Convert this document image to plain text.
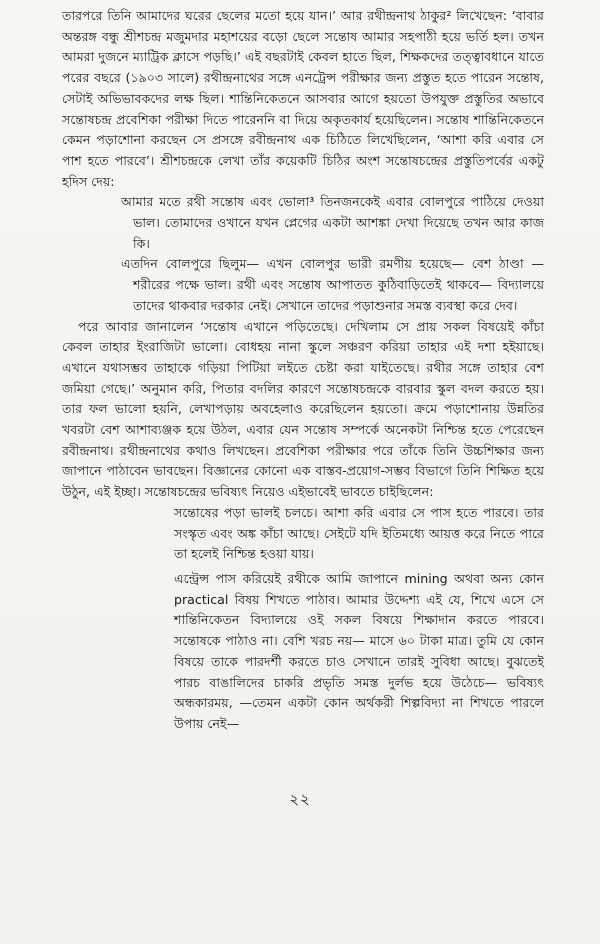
তারপরে তিনি আমাদের ঘরের ছেলের মতো হয়ে যান।’ আর রথীন্দ্রনাথ ঠাকুর² লিখেছেন: ‘বাবার অন্তরঙ্গ বন্ধু শ্রীশচন্দ্র মজুমদার মহাশয়ের বড়ো ছেলে সন্তোষ আমার সহপাঠী হয়ে ভর্তি হল। তখন আমরা দুজনে ম্যাট্রিক ক্লাসে পড়ছি।’ এই বছরটাই কেবল হাতে ছিল, শিক্ষকদের তত্ত্বাবধানে যাতে পরের বছরে (১৯০৩ সালে) রথীন্দ্রনাথের সঙ্গে এনট্রেন্স পরীক্ষার জন্য প্রস্তুত হতে পারেন সন্তোষ, সেটাই অভিভাবকদের লক্ষ ছিল। শান্তিনিকেতনে আসবার আগে হয়তো উপযুক্ত প্রস্তুতির অভাবে সন্তোষচন্দ্র প্রবেশিকা পরীক্ষা দিতে পারেননি বা দিয়ে অকৃতকার্য হয়েছিলেন। সন্তোষ শান্তিনিকেতনে কেমন পড়াশোনা করছেন সে প্রসঙ্গে রবীন্দ্রনাথ এক চিঠিতে লিখেছিলেন, ‘আশা করি এবার সে পাশ হতে পারবে’। শ্রীশচন্দ্রকে লেখা তাঁর কয়েকটি চিঠির অংশ সন্তোষচন্দ্রের প্রস্তুতিপর্বের একটু হদিস দেয়:

আমার মতে রথী সন্তোষ এবং ভোলা³ তিনজনকেই এবার বোলপুরে পাঠিয়ে দেওয়া ভাল। তোমাদের ওখানে যখন প্লেগের একটা আশঙ্কা দেখা দিয়েছে তখন আর কাজ কি।

এতদিন বোলপুরে ছিলুম— এখন বোলপুর ভারী রমণীয় হয়েছে— বেশ ঠাণ্ডা — শরীরের পক্ষে ভাল। রথী এবং সন্তোষ আপাতত কুঠিবাড়িতেই থাকবে— বিদ্যালয়ে তাদের থাকবার দরকার নেই। সেখানে তাদের পড়াশুনার সমস্ত ব্যবস্থা করে দেব।

পরে আবার জানালেন ‘সন্তোষ এখানে পড়িতেছে। দেখিলাম সে প্রায় সকল বিষয়েই কাঁচা কেবল তাহার ইংরাজিটা ভালো। বোধহয় নানা স্কুলে সঞ্চরণ করিয়া তাহার এই দশা হইয়াছে। এখানে যথাসম্ভব তাহাকে গড়িয়া পিটিয়া লইতে চেষ্টা করা যাইতেছে। রথীর সঙ্গে তাহার বেশ জমিয়া গেছে।’ অনুমান করি, পিতার বদলির কারণে সন্তোষচন্দ্রকে বারবার স্কুল বদল করতে হয়। তার ফল ভালো হয়নি, লেখাপড়ায় অবহেলাও করেছিলেন হয়তো। ক্রমে পড়াশোনায় উন্নতির খবরটা বেশ আশাব্যঞ্জক হয়ে উঠল, এবার যেন সন্তোষ সম্পর্কে অনেকটা নিশ্চিন্ত হতে পেরেছেন রবীন্দ্রনাথ। রথীন্দ্রনাথের কথাও লিখছেন। প্রবেশিকা পরীক্ষার পরে তাঁকে তিনি উচ্চশিক্ষার জন্য জাপানে পাঠাবেন ভাবছেন। বিজ্ঞানের কোনো এক বাস্তব-প্রয়োগ-সম্ভব বিভাগে তিনি শিক্ষিত হয়ে উঠুন, এই ইচ্ছা। সন্তোষচন্দ্রের ভবিষ্যৎ নিয়েও এইভাবেই ভাবতে চাইছিলেন:

সন্তোষের পড়া ভালই চলচে। আশা করি এবার সে পাস হতে পারবে। তার সংস্কৃত এবং অঙ্ক কাঁচা আছে। সেইটে যদি ইতিমধ্যে আয়ত্ত করে নিতে পারে তা হলেই নিশ্চিন্ত হওয়া যায়।

এন্ট্রেন্স পাস করিয়েই রথীকে আমি জাপানে mining অথবা অন্য কোন practical বিষয় শিখতে পাঠাব। আমার উদ্দেশ্য এই যে, শিখে এসে সে শান্তিনিকেতন বিদ্যালয়ে ওই সকল বিষয়ে শিক্ষাদান করতে পারবে। সন্তোষকে পাঠাও না। বেশি খরচ নয়— মাসে ৬০ টাকা মাত্র। তুমি যে কোন বিষয়ে তাকে পারদর্শী করতে চাও সেখানে তারই সুবিধা আছে। বুঝতেই পারচ বাঙালিদের চাকরি প্রভৃতি সমস্ত দুর্লভ হয়ে উঠেচে— ভবিষ্যৎ অন্ধকারময়, —তেমন একটা কোন অর্থকরী শিল্পবিদ্যা না শিখতে পারলে উপায় নেই—

২২
